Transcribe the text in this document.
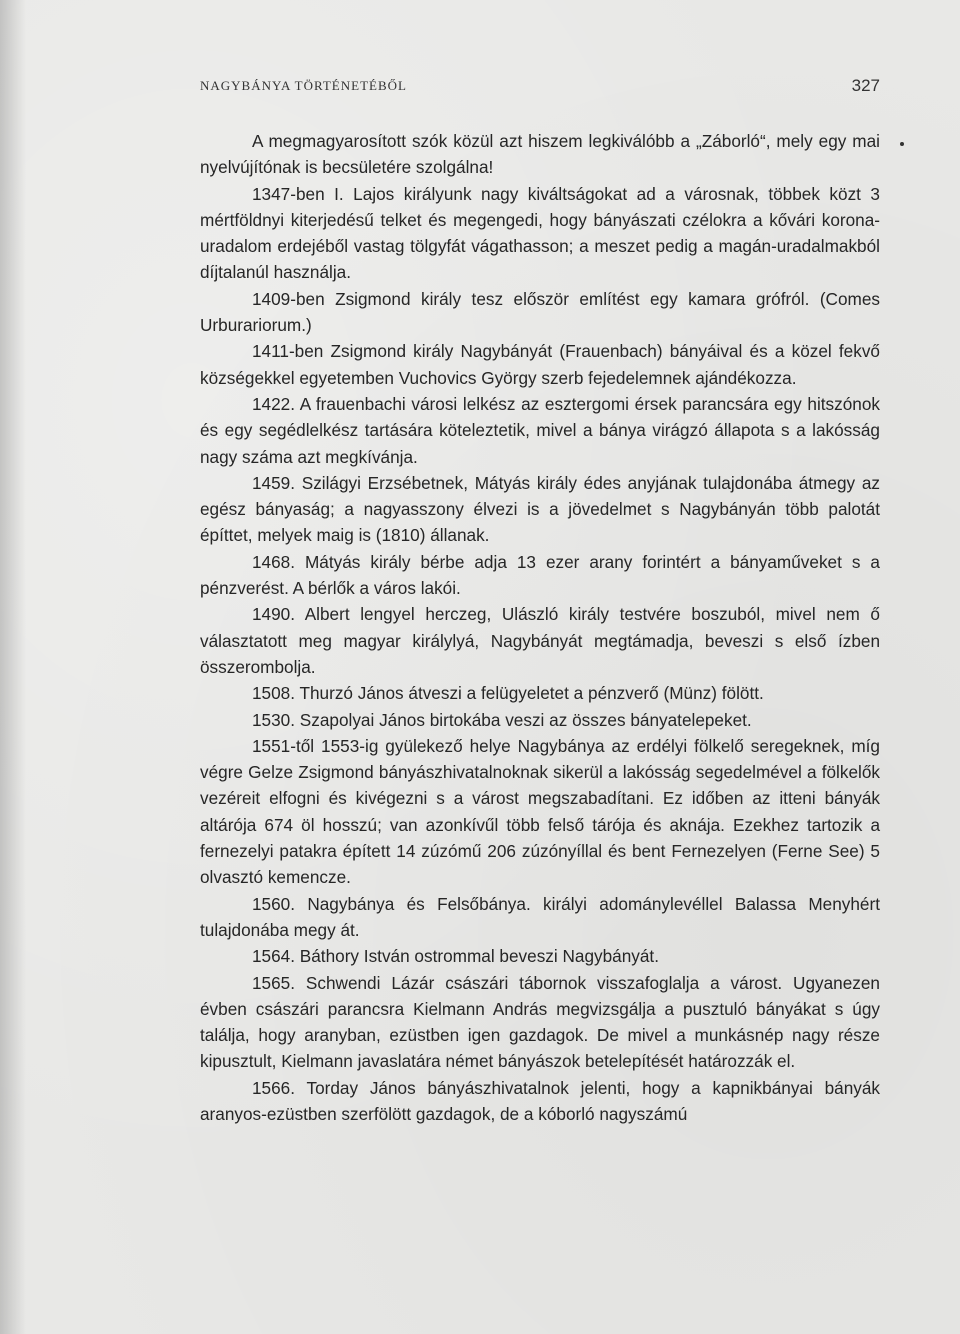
NAGYBÁNYA TÖRTÉNETÉBŐL	327

A megmagyarosított szók közül azt hiszem legkiválóbb a „Záborló“, mely egy mai nyelvújítónak is becsületére szolgálna!

1347-ben I. Lajos királyunk nagy kiváltságokat ad a városnak, többek közt 3 mértföldnyi kiterjedésű telket és megengedi, hogy bányászati czélokra a kővári korona-uradalom erdejéből vastag tölgyfát vágathasson; a meszet pedig a magán-uradalmakból díjtalanúl használja.

1409-ben Zsigmond király tesz először említést egy kamara grófról. (Comes Urburariorum.)

1411-ben Zsigmond király Nagybányát (Frauenbach) bányáival és a közel fekvő községekkel egyetemben Vuchovics György szerb fejedelemnek ajándékozza.

1422. A frauenbachi városi lelkész az esztergomi érsek parancsára egy hitszónok és egy segédlelkész tartására köteleztetik, mivel a bánya virágzó állapota s a lakósság nagy száma azt megkívánja.

1459. Szilágyi Erzsébetnek, Mátyás király édes anyjának tulajdonába átmegy az egész bányaság; a nagyasszony élvezi is a jövedelmet s Nagybányán több palotát építtet, melyek maig is (1810) állanak.

1468. Mátyás király bérbe adja 13 ezer arany forintért a bányaműveket s a pénzverést. A bérlők a város lakói.

1490. Albert lengyel herczeg, Ulászló király testvére boszuból, mivel nem ő választatott meg magyar királylyá, Nagybányát megtámadja, beveszi s első ízben összerombolja.

1508. Thurzó János átveszi a felügyeletet a pénzverő (Münz) fölött.

1530. Szapolyai János birtokába veszi az összes bányatelepeket.

1551-től 1553-ig gyülekező helye Nagybánya az erdélyi fölkelő seregeknek, míg végre Gelze Zsigmond bányászhivatalnoknak sikerül a lakósság segedelmével a fölkelők vezéreit elfogni és kivégezni s a várost megszabadítani. Ez időben az itteni bányák altárója 674 öl hosszú; van azonkívűl több felső tárója és aknája. Ezekhez tartozik a fernezelyi patakra épített 14 zúzómű 206 zúzónyíllal és bent Fernezelyen (Ferne See) 5 olvasztó kemencze.

1560. Nagybánya és Felsőbánya. királyi adománylevéllel Balassa Menyhért tulajdonába megy át.

1564. Báthory István ostrommal beveszi Nagybányát.

1565. Schwendi Lázár császári tábornok visszafoglalja a várost. Ugyanezen évben császári parancsra Kielmann András megvizsgálja a pusztuló bányákat s úgy találja, hogy aranyban, ezüstben igen gazdagok. De mivel a munkásnép nagy része kipusztult, Kielmann javaslatára német bányászok betelepítését határozzák el.

1566. Torday János bányászhivatalnok jelenti, hogy a kapnikbányai bányák aranyos-ezüstben szerfölött gazdagok, de a kóborló nagyszámú
